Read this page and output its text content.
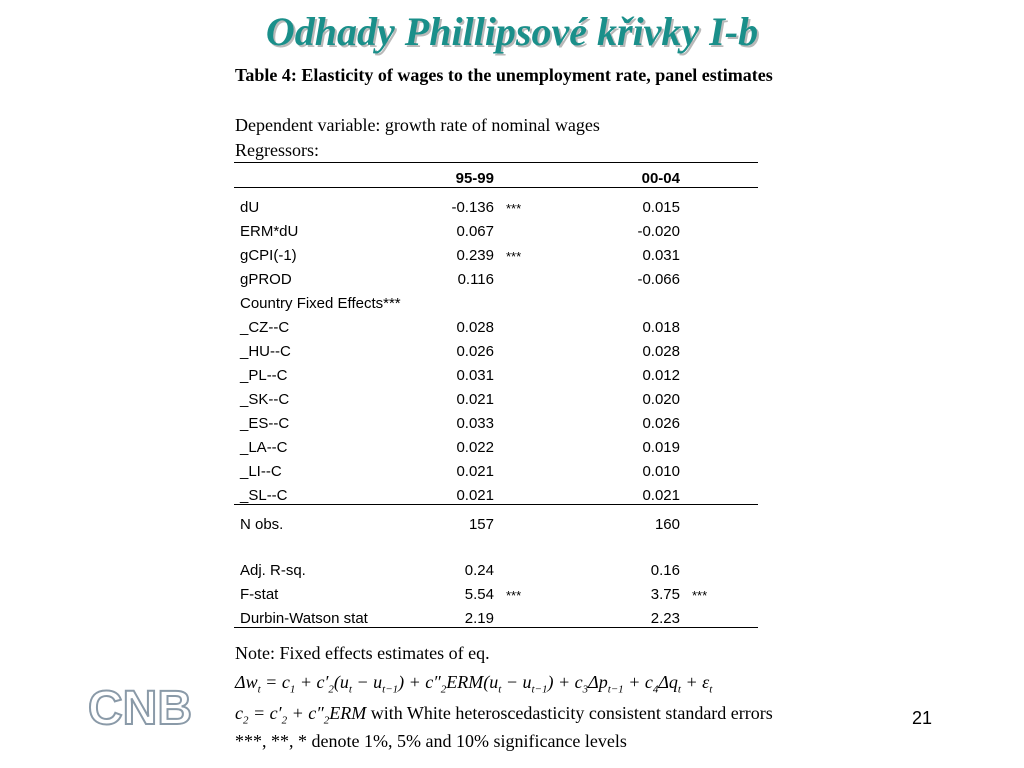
Odhady Phillipsové křivky I-b
Table 4: Elasticity of wages to the unemployment rate, panel estimates
Dependent variable: growth rate of nominal wages
Regressors:
	95-99			00-04	
dU	-0.136	***		0.015	
ERM*dU	0.067			-0.020	
gCPI(-1)	0.239	***		0.031	
gPROD	0.116			-0.066	
Country Fixed Effects***					
_CZ--C	0.028			0.018	
_HU--C	0.026			0.028	
_PL--C	0.031			0.012	
_SK--C	0.021			0.020	
_ES--C	0.033			0.026	
_LA--C	0.022			0.019	
_LI--C	0.021			0.010	
_SL--C	0.021			0.021	
N obs.	157			160	
Adj. R-sq.	0.24			0.16	
F-stat	5.54	***		3.75	***
Durbin-Watson stat	2.19			2.23	
Note: Fixed effects estimates of eq.
$\Delta w_t = c_1 + c'_2(u_t - u_{t-1}) + c''_2ERM(u_t - u_{t-1}) + c_3\Delta p_{t-1} + c_4\Delta q_t + \varepsilon_t$
$c_2 = c'_2 + c''_2ERM$ with White heteroscedasticity consistent standard errors
***, **, * denote 1%, 5% and 10% significance levels
CNB	21
